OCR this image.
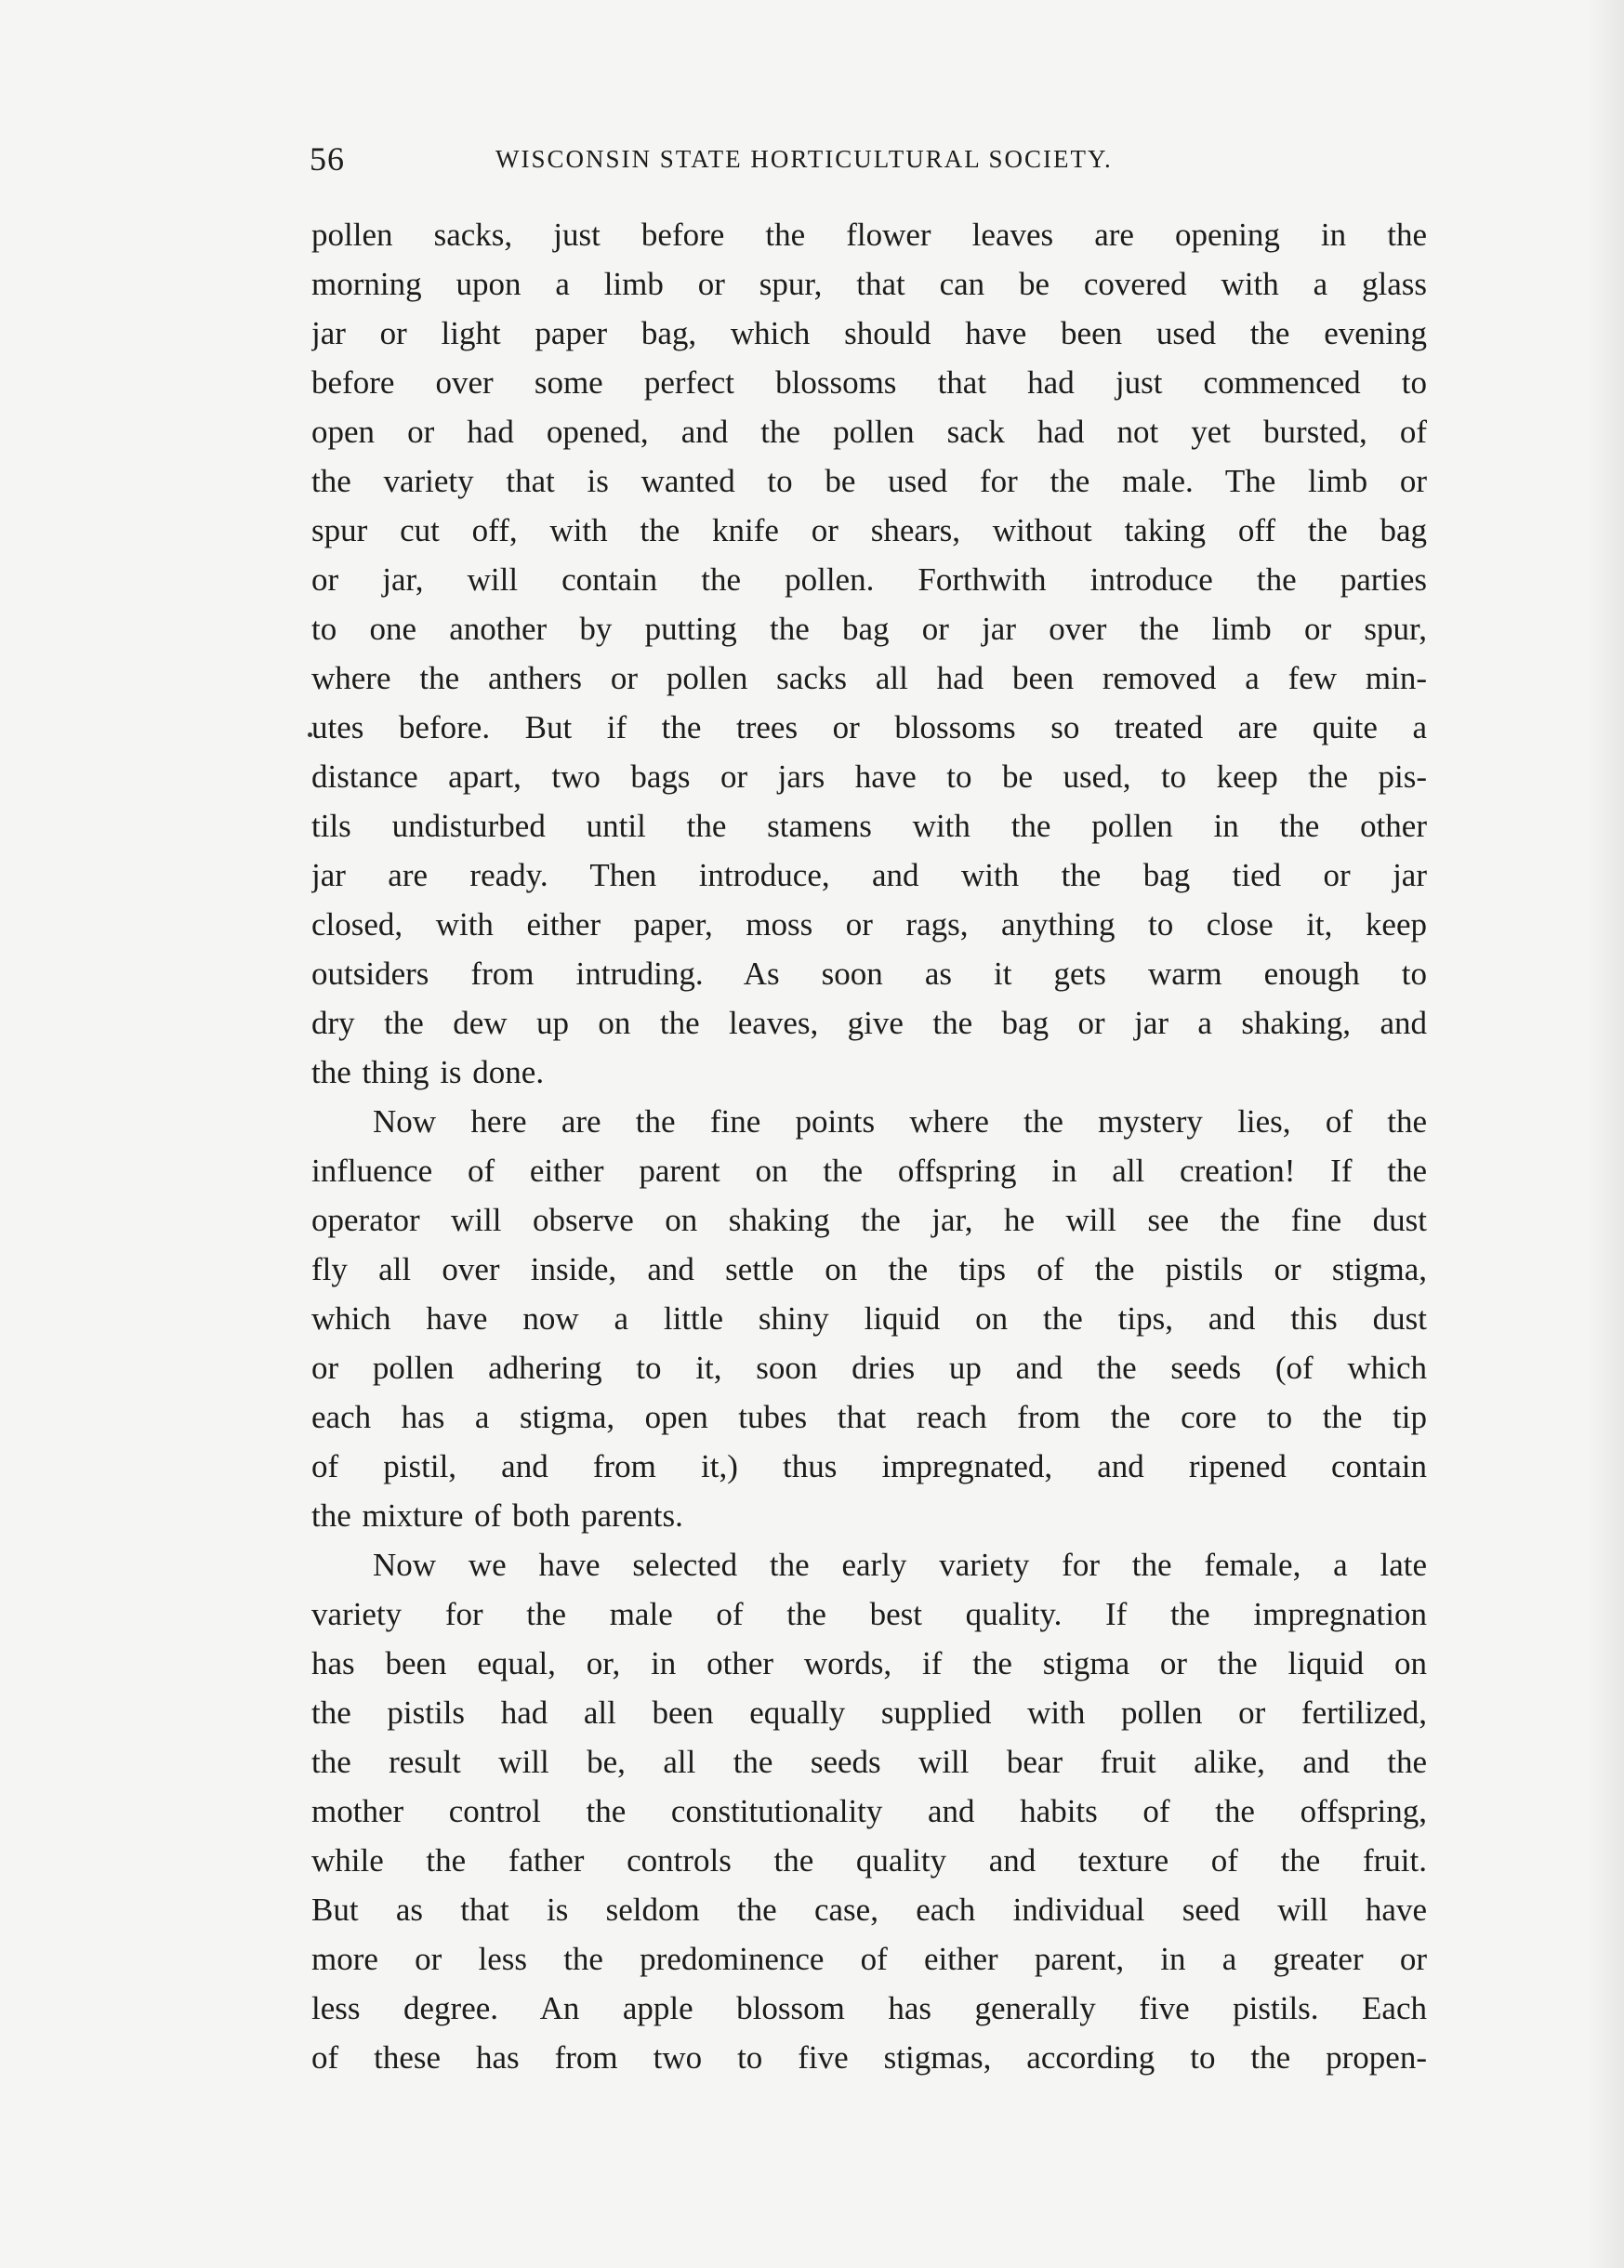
56	WISCONSIN STATE HORTICULTURAL SOCIETY.
pollen sacks, just before the flower leaves are opening in the
morning upon a limb or spur, that can be covered with a glass
jar or light paper bag, which should have been used the evening
before over some perfect blossoms that had just commenced to
open or had opened, and the pollen sack had not yet bursted, of
the variety that is wanted to be used for the male. The limb or
spur cut off, with the knife or shears, without taking off the bag
or jar, will contain the pollen. Forthwith introduce the parties
to one another by putting the bag or jar over the limb or spur,
where the anthers or pollen sacks all had been removed a few min-
utes before. But if the trees or blossoms so treated are quite a
distance apart, two bags or jars have to be used, to keep the pis-
tils undisturbed until the stamens with the pollen in the other
jar are ready. Then introduce, and with the bag tied or jar
closed, with either paper, moss or rags, anything to close it, keep
outsiders from intruding. As soon as it gets warm enough to
dry the dew up on the leaves, give the bag or jar a shaking, and
the thing is done.
Now here are the fine points where the mystery lies, of the
influence of either parent on the offspring in all creation! If the
operator will observe on shaking the jar, he will see the fine dust
fly all over inside, and settle on the tips of the pistils or stigma,
which have now a little shiny liquid on the tips, and this dust
or pollen adhering to it, soon dries up and the seeds (of which
each has a stigma, open tubes that reach from the core to the tip
of pistil, and from it,) thus impregnated, and ripened contain
the mixture of both parents.
Now we have selected the early variety for the female, a late
variety for the male of the best quality. If the impregnation
has been equal, or, in other words, if the stigma or the liquid on
the pistils had all been equally supplied with pollen or fertilized,
the result will be, all the seeds will bear fruit alike, and the
mother control the constitutionality and habits of the offspring,
while the father controls the quality and texture of the fruit.
But as that is seldom the case, each individual seed will have
more or less the predominence of either parent, in a greater or
less degree. An apple blossom has generally five pistils. Each
of these has from two to five stigmas, according to the propen-
